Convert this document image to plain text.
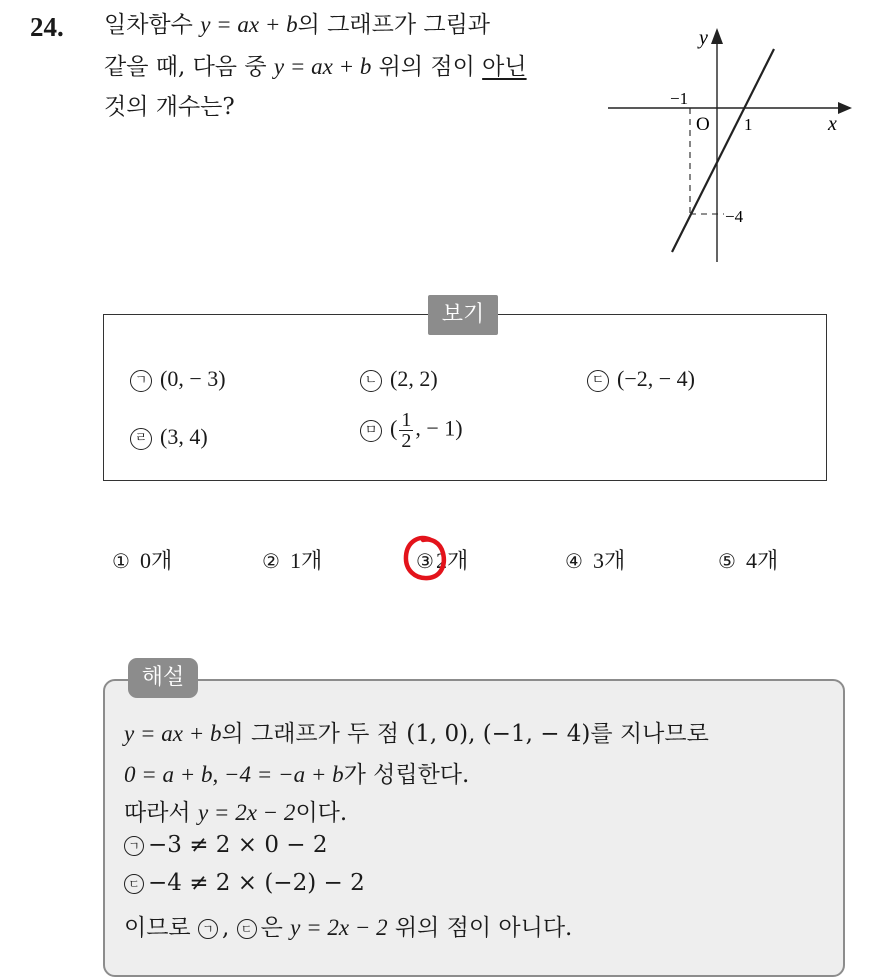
24. 일차함수 y = ax + b의 그래프가 그림과
같을 때, 다음 중 y = ax + b 위의 점이 아닌
것의 개수는?
y
x
O
−1
1
−4
보기
ㄱ (0, − 3)	ㄴ (2, 2)	ㄷ (−2, − 4)
ㄹ (3, 4)	ㅁ ( $\frac{1}{2}$ , − 1)
① 0개	② 1개	③2개	④ 3개	⑤ 4개
해설
y = ax + b의 그래프가 두 점 (1, 0), (−1, − 4)를 지나므로
0 = a + b, −4 = −a + b가 성립한다.
따라서 y = 2x − 2이다.
ㄱ −3 ≠ 2 × 0 − 2
ㄷ −4 ≠ 2 × (−2) − 2
이므로 ㄱ , ㄷ 은 y = 2x − 2 위의 점이 아니다.
